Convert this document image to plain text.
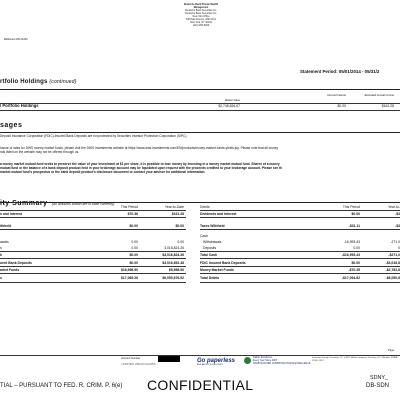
Deutsche Bank Private Wealth Management
Deutsche Bank Securities Inc.
Deutsche Bank Securities Inc.
New York Office
345 Park Avenue, 26th Floor
New York, NY 10154
(212) 250-5000
Baltimore MD 21202
Statement Period: 05/01/2014 - 05/31/2
rtfolio Holdings (continued)
Market Value
Accrued Interest	Estimated Annual Income
l Portfolio Holdings	$2,748,826.67	$0.00	$161.28
sages
Deposit Insurance Corporation (FDIC)-Insured Bank Deposits are not protected by Securities Investor Protection Corporation (SIPC).
losure of rates for DWS money market funds, please visit the DWS Investments website at https://www.dws-investments.com/EN/products/money-market-funds-yields.jsp. Please note that all money
nds listed on the website may not be offered through us.
a money market mutual fund seeks to preserve the value of your investment at $1 per share, it is possible to lose money by investing in a money market mutual fund. Shares of a money
mutual fund or the balance of a bank deposit product held in your brokerage account may be liquidated upon request with the proceeds credited to your brokerage account. Please see th
market mutual fund's prospectus or the bank deposit product's disclosure document or contact your advisor for additional information.
ity Summary (All amounts shown are in base currency)
This Period	Year-to-Date	Debits	This Period	Year-to-
s and Interest	$70.36	$161.28
ithheld	$0.00	$0.00
awals	0.00	0.00
s	0.00	3,016,824.26
h	$0.00	$3,016,824.26
ured Bank Deposits	$0.00	$3,016,892.48
arket Funds	$16,998.90	$5,998.90
s	$17,069.26	$6,050,676.92
Dividends and Interest	$0.00	-$3
Taxes Withheld	-$31.11	-$3
Cash
Withdrawals	-16,993.43	-271,0
Deposits	0.00	0
Total Cash	-$16,993.43	-$271,0
FDIC Insured Bank Deposits	$0.00	-$3,016,8
Money Market Funds	-$70.35	-$2,762,8
Total Debits	-$17,094.82	-$6,050,8
Page
Account Number
J EPSTEIN VIRGIN ISLANDS
Go paperless
ASK ABOUT E-DELIVERY
Dalbar Excellence
Every Year Since 2007
DALBAR RATED COMMUNICATIONS EXCELLENCE
Investing through Pershing LLC, a BNY Mellon company. Pershing LLC, Member FINRA, NYSE, SIPC
TIAL – PURSUANT TO FED. R. CRIM. P. 6(e) CONFIDENTIAL	SDNY_
DB-SDN
